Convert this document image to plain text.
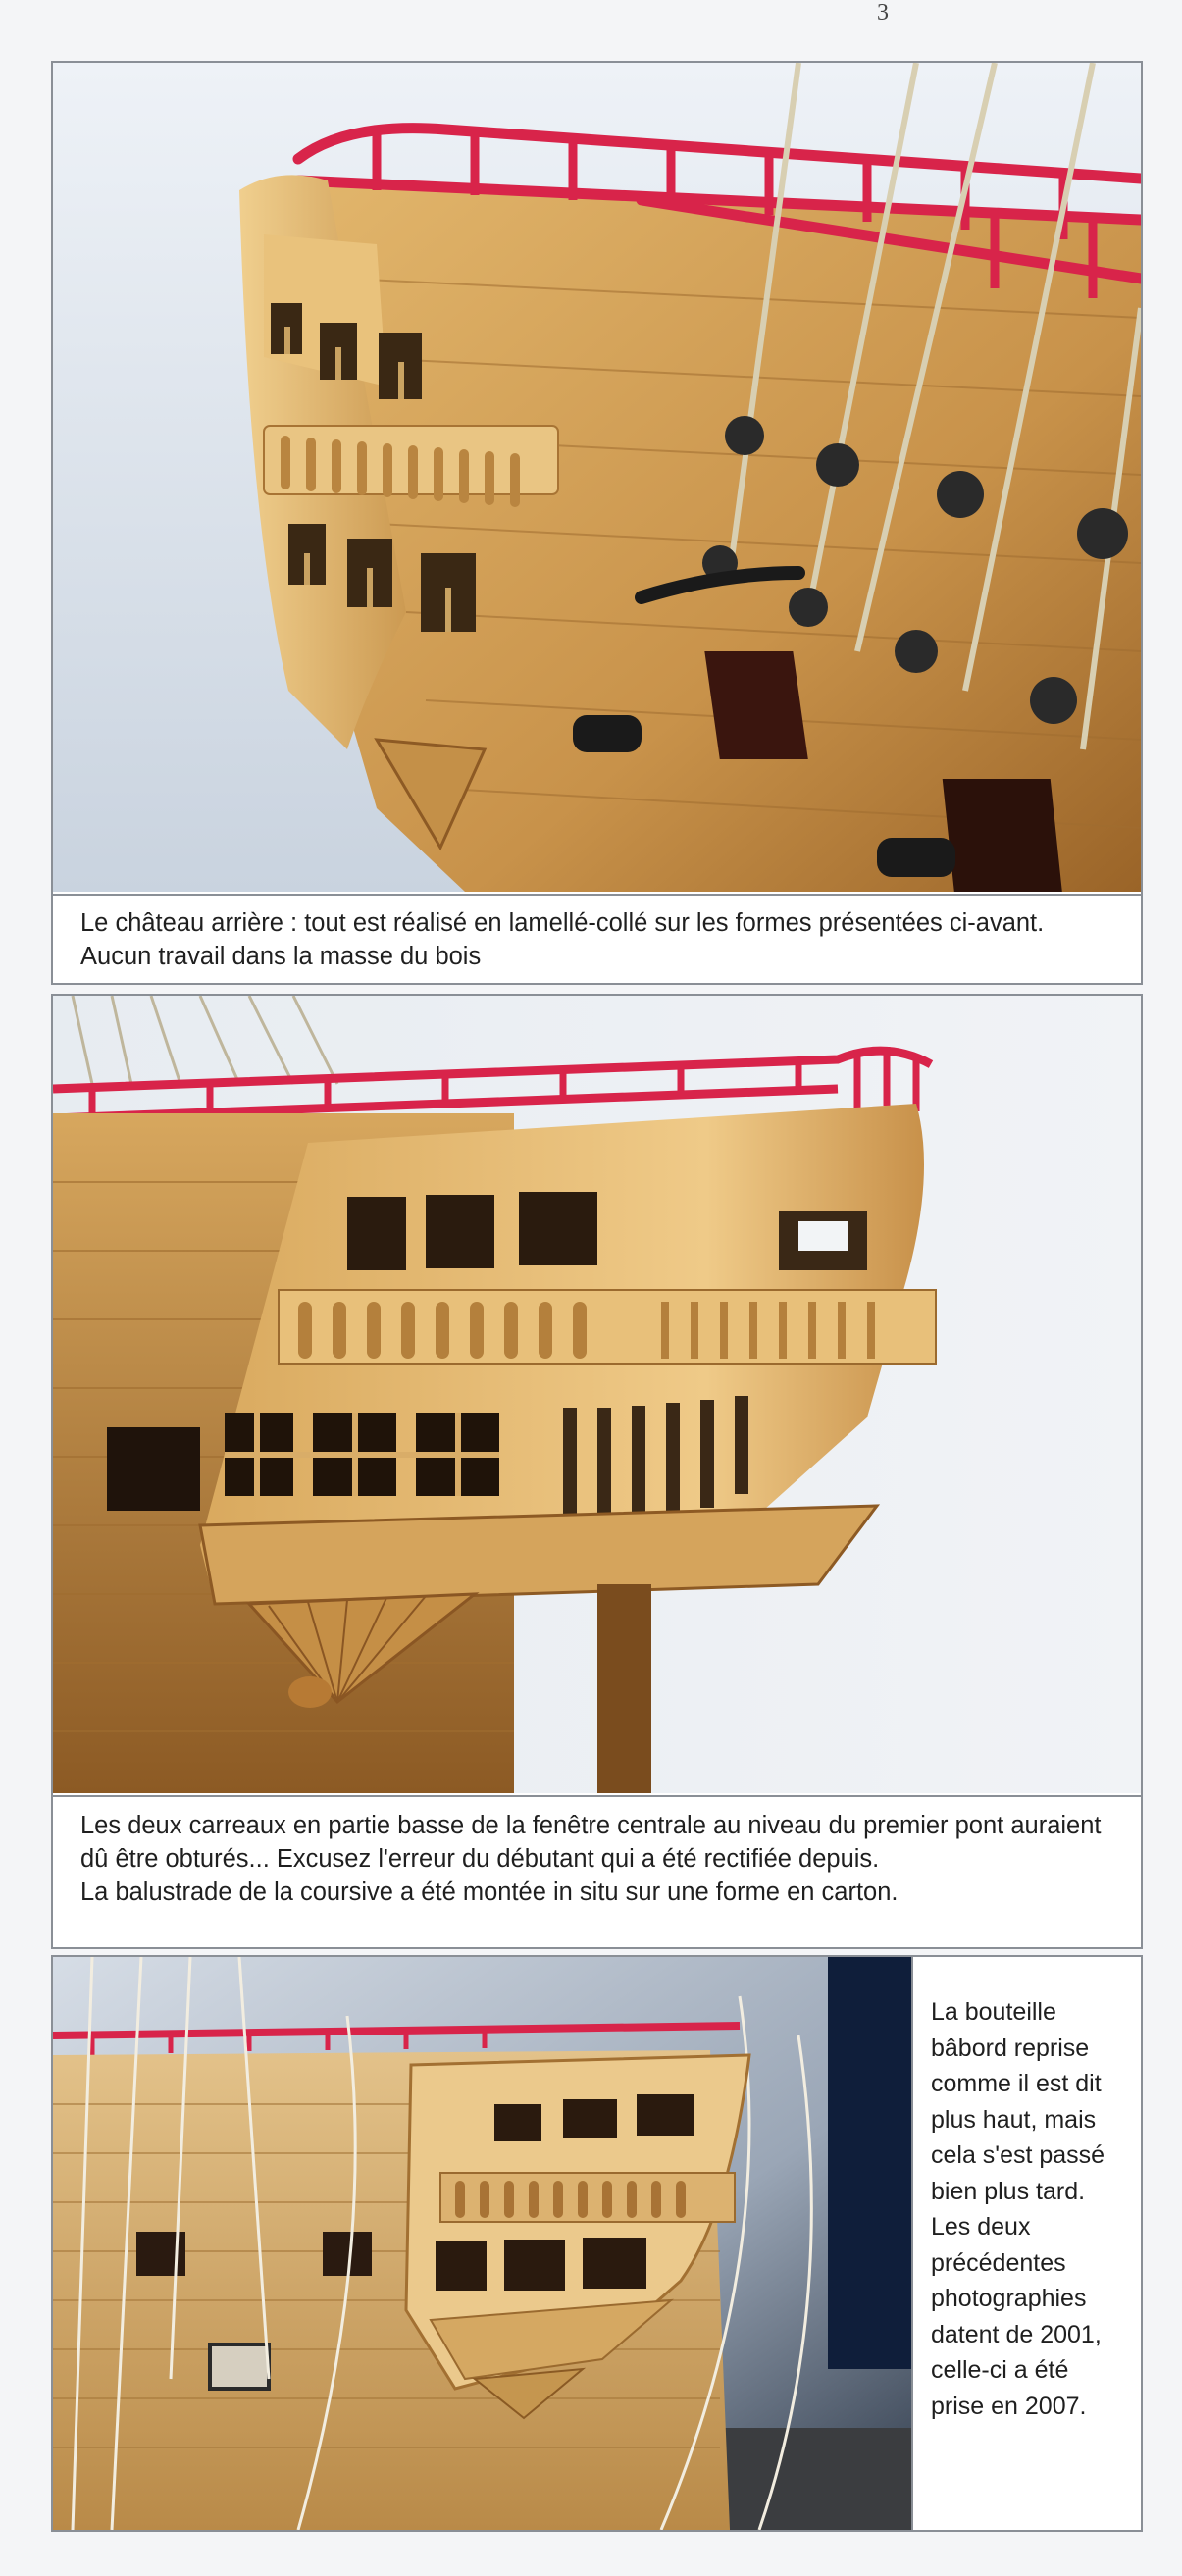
3

Le château arrière : tout est réalisé en lamellé-collé sur les formes présentées ci-avant. Aucun travail dans la masse du bois

Les deux carreaux en partie basse de la fenêtre centrale au niveau du premier pont auraient dû être obturés... Excusez l'erreur du débutant qui a été rectifiée depuis.

La balustrade de la coursive a été montée in situ sur une forme en carton.

La bouteille bâbord reprise comme il est dit plus haut, mais cela s'est passé bien plus tard.

Les deux précédentes photographies datent de 2001, celle-ci a été prise en 2007.
